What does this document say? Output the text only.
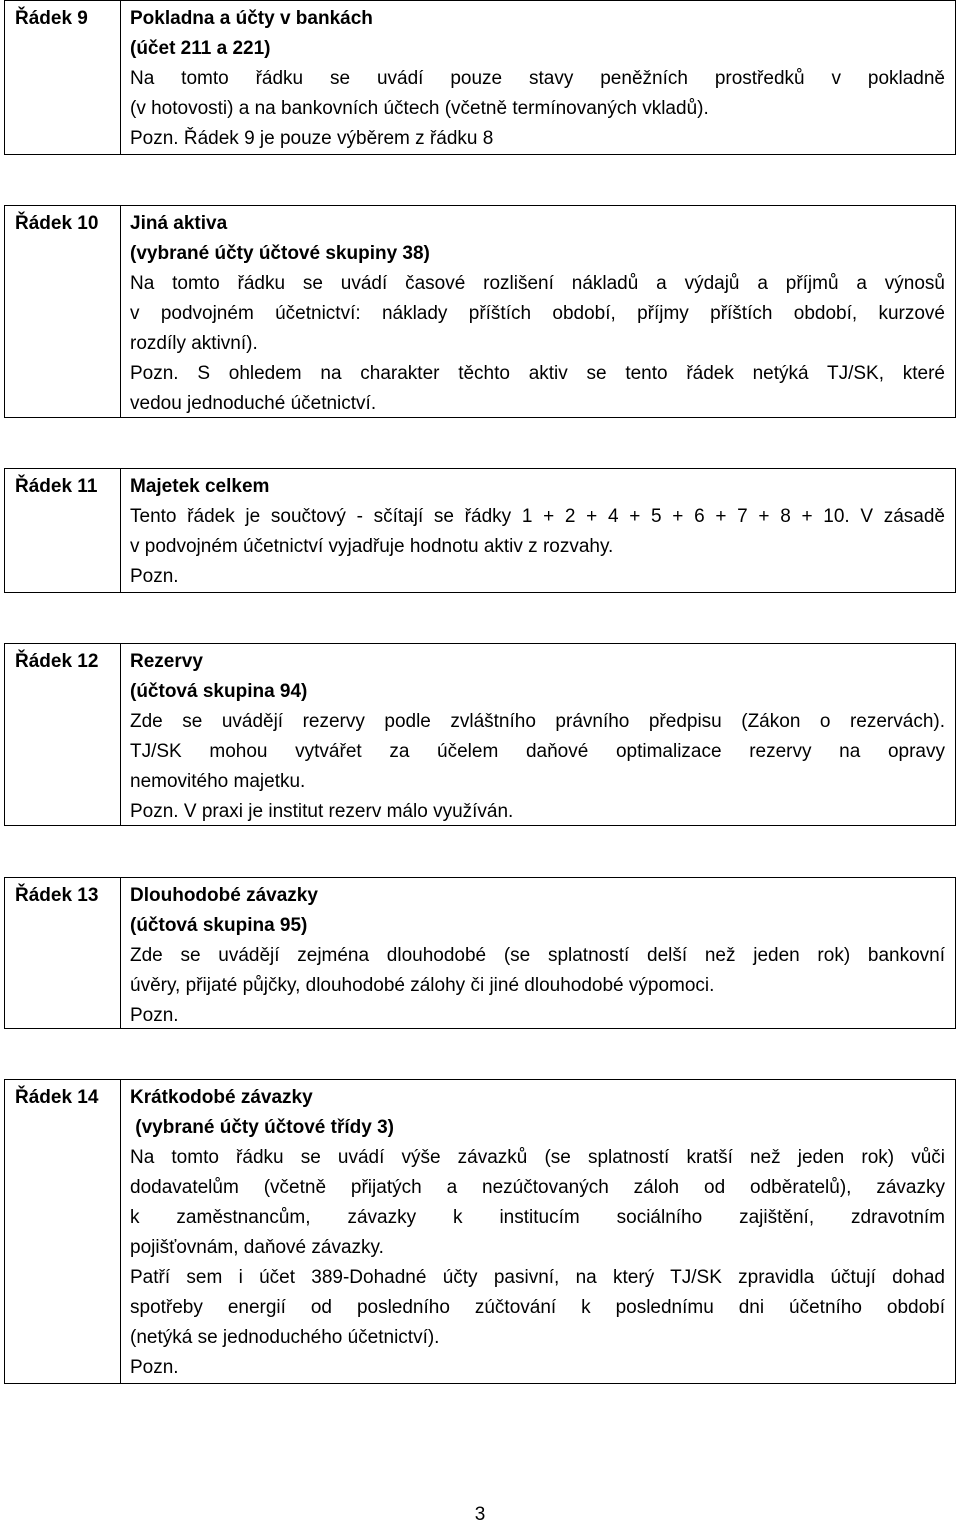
Řádek 9	Pokladna a účty v bankách
(účet 211 a 221)
Na tomto řádku se uvádí pouze stavy peněžních prostředků v pokladně
(v hotovosti) a na bankovních účtech (včetně termínovaných vkladů).
Pozn. Řádek 9 je pouze výběrem z řádku 8
Řádek 10	Jiná aktiva
(vybrané účty účtové skupiny 38)
Na tomto řádku se uvádí časové rozlišení nákladů a výdajů a příjmů a výnosů
v podvojném účetnictví: náklady příštích období, příjmy příštích období, kurzové
rozdíly aktivní).
Pozn. S ohledem na charakter těchto aktiv se tento řádek netýká TJ/SK, které
vedou jednoduché účetnictví.
Řádek 11	Majetek celkem
Tento řádek je součtový - sčítají se řádky 1 + 2 + 4 + 5 + 6 + 7 + 8 + 10. V zásadě
v podvojném účetnictví vyjadřuje hodnotu aktiv z rozvahy.
Pozn.
Řádek 12	Rezervy
(účtová skupina 94)
Zde se uvádějí rezervy podle zvláštního právního předpisu (Zákon o rezervách).
TJ/SK mohou vytvářet za účelem daňové optimalizace rezervy na opravy
nemovitého majetku.
Pozn. V praxi je institut rezerv málo využíván.
Řádek 13	Dlouhodobé závazky
(účtová skupina 95)
Zde se uvádějí zejména dlouhodobé (se splatností delší než jeden rok) bankovní
úvěry, přijaté půjčky, dlouhodobé zálohy či jiné dlouhodobé výpomoci.
Pozn.
Řádek 14	Krátkodobé závazky
(vybrané účty účtové třídy 3)
Na tomto řádku se uvádí výše závazků (se splatností kratší než jeden rok) vůči
dodavatelům (včetně přijatých a nezúčtovaných záloh od odběratelů), závazky
k zaměstnancům, závazky k institucím sociálního zajištění, zdravotním
pojišťovnám, daňové závazky.
Patří sem i účet 389-Dohadné účty pasivní, na který TJ/SK zpravidla účtují dohad
spotřeby energií od posledního zúčtování k poslednímu dni účetního období
(netýká se jednoduchého účetnictví).
Pozn.
3
